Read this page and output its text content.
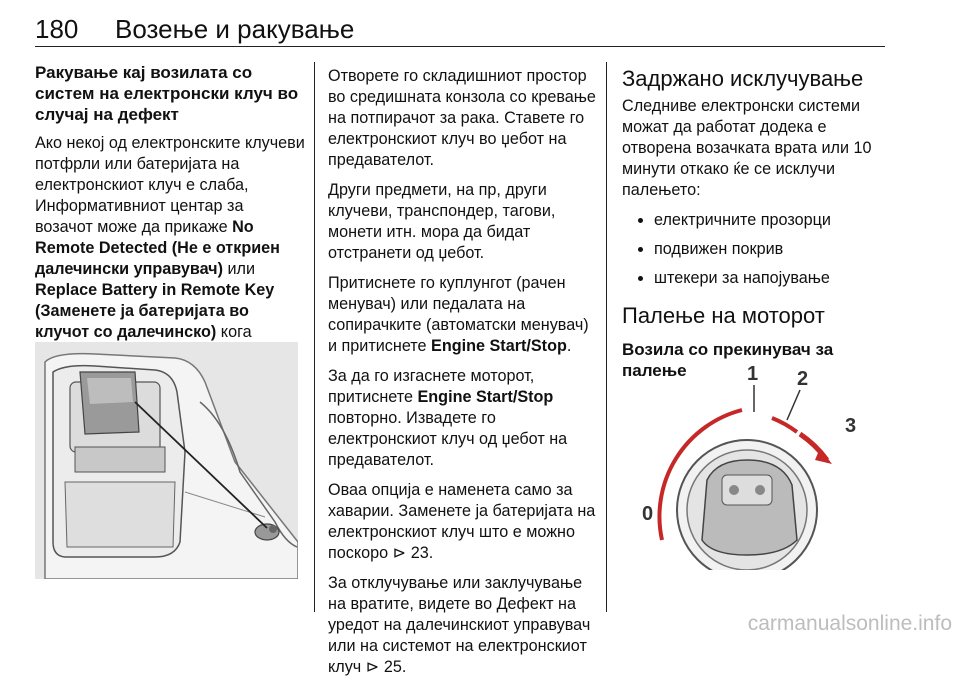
180 Возење и ракување
Ракување кај возилата со систем на електронски клуч во случај на дефект

Ако некој од електронските клучеви потфрли или батеријата на електронскиот клуч е слаба, Информативниот центар за возачот може да прикаже No Remote Detected (Не е откриен далечински управувач) или Replace Battery in Remote Key (Заменете ја батеријата во клучот со далечинско) кога

Отворете го складишниот простор во средишната конзола со кревање на потпирачот за рака. Ставете го електронскиот клуч во џебот на предавателот.

Други предмети, на пр, други клучеви, транспондер, тагови, монети итн. мора да бидат отстранети од џебот.

Притиснете го куплунгот (рачен менувач) или педалата на сопирачките (автоматски менувач) и притиснете Engine Start/Stop.

За да го изгаснете моторот, притиснете Engine Start/Stop повторно. Извадете го електронскиот клуч од џебот на предавателот.

Оваа опција е наменета само за хаварии. Заменете ја батеријата на електронскиот клуч што е можно поскоро ⊳ 23.

За отклучување или заклучување на вратите, видете во Дефект на уредот на далечинскиот управувач или на системот на електронскиот клуч ⊳ 25.

Задржано исклучување

Следниве електронски системи можат да работат додека е отворена возачката врата или 10 минути откако ќе се исклучи палењето:

• електричните прозорци
• подвижен покрив
• штекери за напојување
Палење на моторот
Возила со прекинувач за палење
0
1 2
3
carmanualsonline.info
